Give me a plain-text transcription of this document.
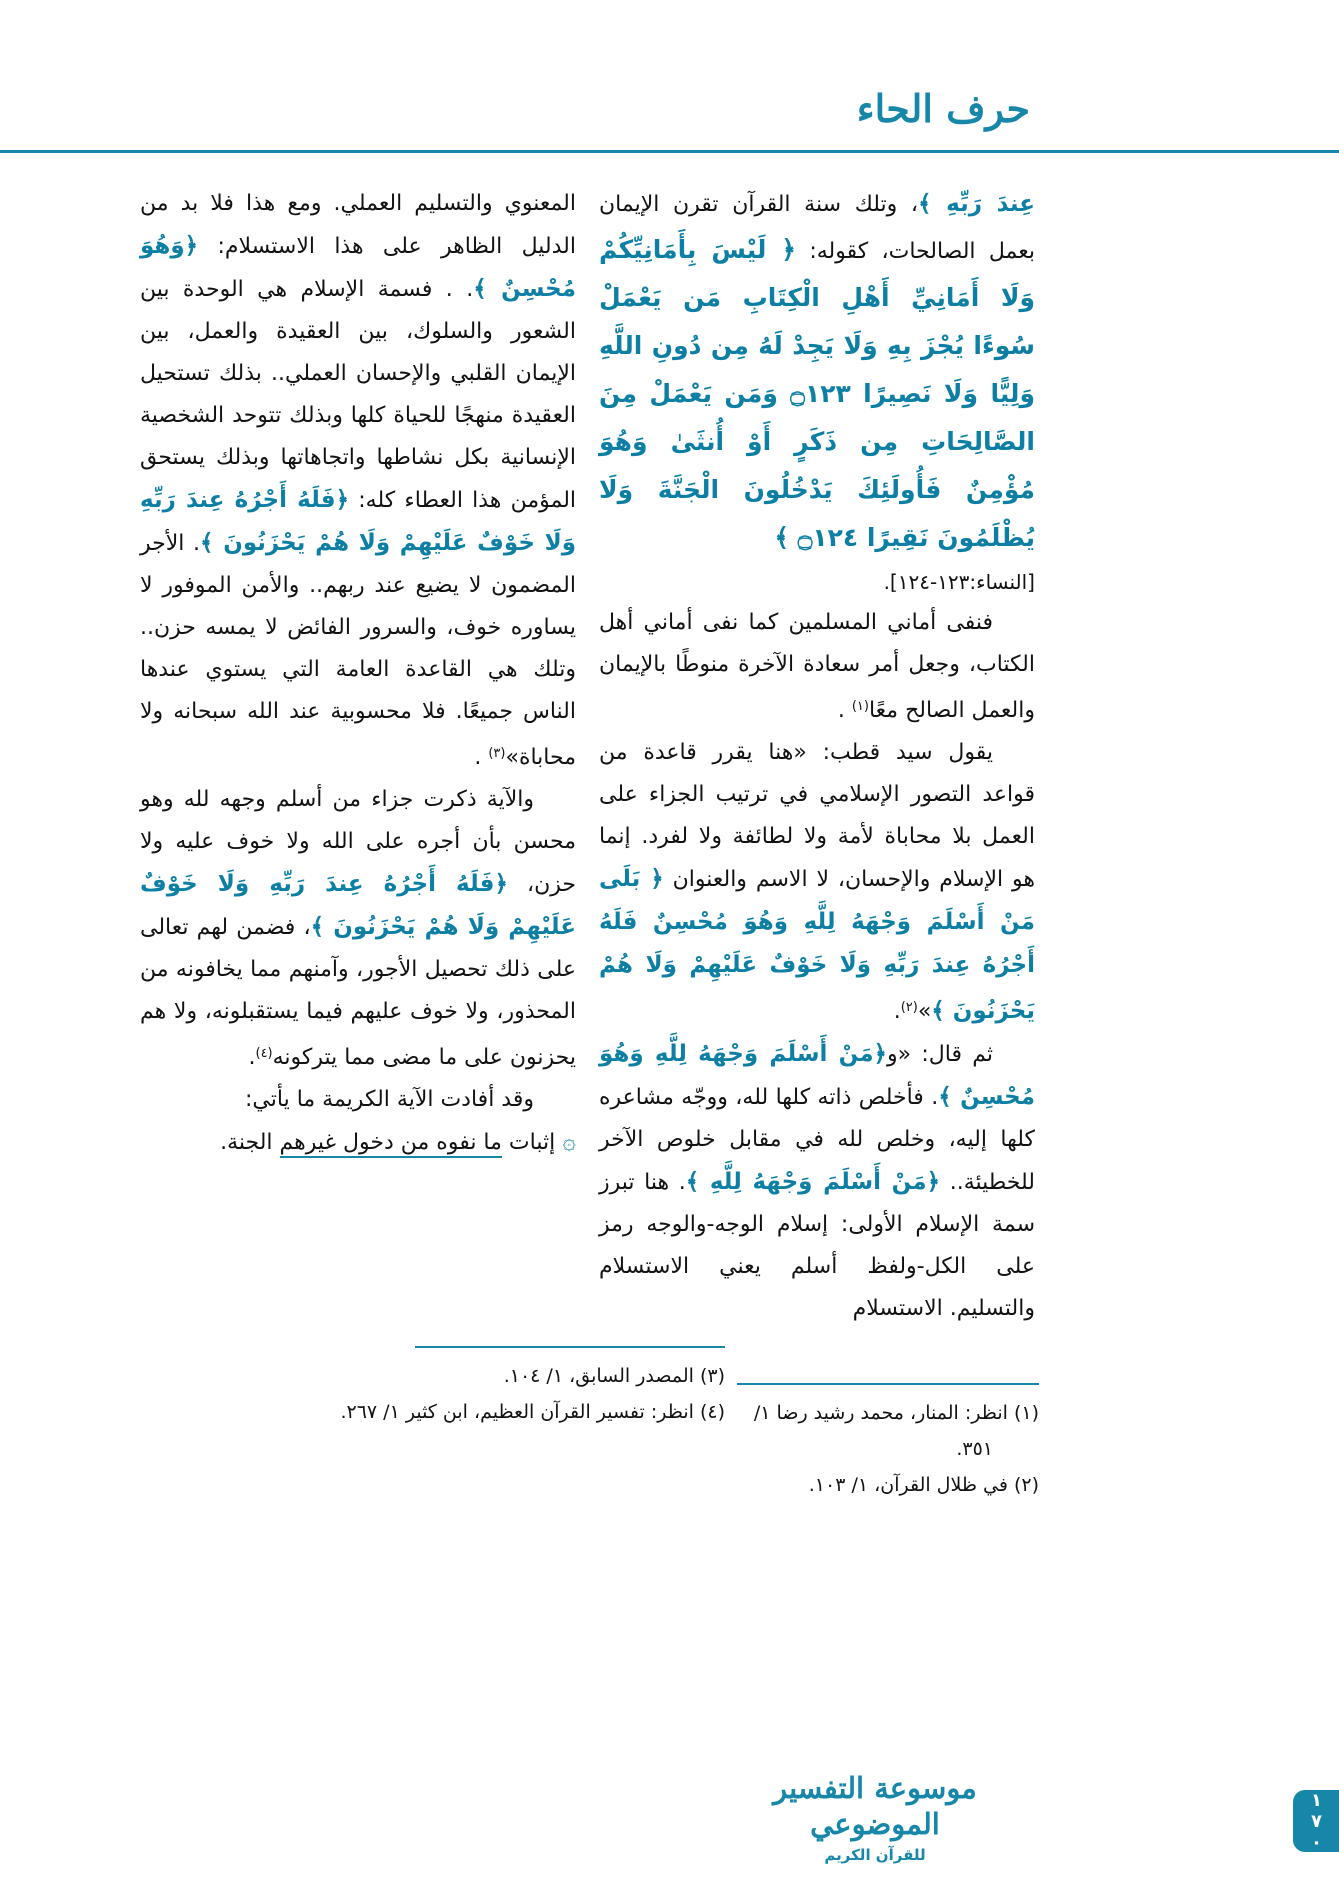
حرف الحاء

عِندَ رَبِّهِ ﴾، وتلك سنة القرآن تقرن الإيمان بعمل الصالحات، كقوله: ﴿ لَيْسَ بِأَمَانِيِّكُمْ وَلَا أَمَانِيِّ أَهْلِ الْكِتَابِ مَن يَعْمَلْ سُوءًا يُجْزَ بِهِ وَلَا يَجِدْ لَهُ مِن دُونِ اللَّهِ وَلِيًّا وَلَا نَصِيرًا ۝١٢٣ وَمَن يَعْمَلْ مِنَ الصَّالِحَاتِ مِن ذَكَرٍ أَوْ أُنثَىٰ وَهُوَ مُؤْمِنٌ فَأُولَئِكَ يَدْخُلُونَ الْجَنَّةَ وَلَا يُظْلَمُونَ نَقِيرًا ۝١٢٤ ﴾

[النساء:١٢٣-١٢٤].

فنفى أماني المسلمين كما نفى أماني أهل الكتاب، وجعل أمر سعادة الآخرة منوطًا بالإيمان والعمل الصالح معًا$^{(١)}$ .

يقول سيد قطب: «هنا يقرر قاعدة من قواعد التصور الإسلامي في ترتيب الجزاء على العمل بلا محاباة لأمة ولا لطائفة ولا لفرد. إنما هو الإسلام والإحسان، لا الاسم والعنوان ﴿ بَلَى مَنْ أَسْلَمَ وَجْهَهُ لِلَّهِ وَهُوَ مُحْسِنٌ فَلَهُ أَجْرُهُ عِندَ رَبِّهِ وَلَا خَوْفٌ عَلَيْهِمْ وَلَا هُمْ يَحْزَنُونَ ﴾»$^{(٢)}$.

ثم قال: «و﴿مَنْ أَسْلَمَ وَجْهَهُ لِلَّهِ وَهُوَ مُحْسِنٌ ﴾. فأخلص ذاته كلها لله، ووجّه مشاعره كلها إليه، وخلص لله في مقابل خلوص الآخر للخطيئة.. ﴿مَنْ أَسْلَمَ وَجْهَهُ لِلَّهِ ﴾. هنا تبرز سمة الإسلام الأولى: إسلام الوجه-والوجه رمز على الكل-ولفظ أسلم يعني الاستسلام والتسليم. الاستسلام

المعنوي والتسليم العملي. ومع هذا فلا بد من الدليل الظاهر على هذا الاستسلام: ﴿وَهُوَ مُحْسِنٌ ﴾. . فسمة الإسلام هي الوحدة بين الشعور والسلوك، بين العقيدة والعمل، بين الإيمان القلبي والإحسان العملي.. بذلك تستحيل العقيدة منهجًا للحياة كلها وبذلك تتوحد الشخصية الإنسانية بكل نشاطها واتجاهاتها وبذلك يستحق المؤمن هذا العطاء كله: ﴿فَلَهُ أَجْرُهُ عِندَ رَبِّهِ وَلَا خَوْفٌ عَلَيْهِمْ وَلَا هُمْ يَحْزَنُونَ ﴾. الأجر المضمون لا يضيع عند ربهم.. والأمن الموفور لا يساوره خوف، والسرور الفائض لا يمسه حزن.. وتلك هي القاعدة العامة التي يستوي عندها الناس جميعًا. فلا محسوبية عند الله سبحانه ولا محاباة»$^{(٣)}$ .

والآية ذكرت جزاء من أسلم وجهه لله وهو محسن بأن أجره على الله ولا خوف عليه ولا حزن، ﴿فَلَهُ أَجْرُهُ عِندَ رَبِّهِ وَلَا خَوْفٌ عَلَيْهِمْ وَلَا هُمْ يَحْزَنُونَ ﴾، فضمن لهم تعالى على ذلك تحصيل الأجور، وآمنهم مما يخافونه من المحذور، ولا خوف عليهم فيما يستقبلونه، ولا هم يحزنون على ما مضى مما يتركونه$^{(٤)}$.

وقد أفادت الآية الكريمة ما يأتي:

۞ إثبات ما نفوه من دخول غيرهم الجنة.

(٣) المصدر السابق، ١/ ١٠٤.
(٤) انظر: تفسير القرآن العظيم، ابن كثير ١/ ٢٦٧.	(١) انظر: المنار، محمد رشيد رضا ١/ ٣٥١.
(٢) في ظلال القرآن، ١/ ١٠٣.
موسوعة التفسير الموضوعي
للقرآن الكريم
١٧٠
